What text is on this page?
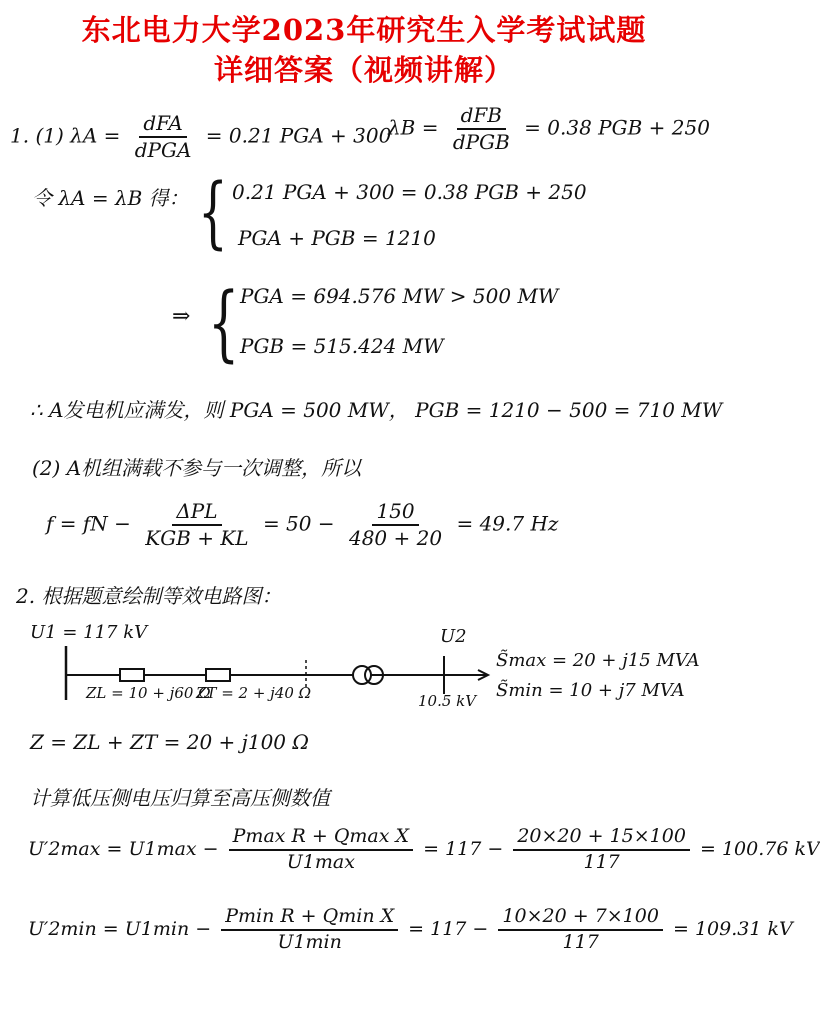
东北电力大学2023年研究生入学考试试题
详细答案（视频讲解）
1. (1) $\lambda A = \frac{\text{dFA}}{\text{dPGA}} = 0.21$ PGA + 300
$\lambda B = \frac{\text{dFB}}{\text{dPGB}} = 0.38$ PGB + 250
令 λA = λB 得： { 0.21 PGA + 300 = 0.38 PGB + 250
PGA + PGB = 1210
⇒ { PGA = 694.576 MW > 500 MW
PGB = 515.424 MW
∴ A发电机应满发，则 PGA = 500 MW， PGB = 1210 − 500 = 710 MW
(2) A机组满载不参与一次调整，所以
f = fN − $\frac{\text{ΔPL}}{\text{KGB + KL}} = 50 - \frac{150}{480 + 20} = 49.7$ Hz
2. 根据题意绘制等效电路图：
U1 = 117 kV	U2
ZL = 10 + j60 Ω
ZT = 2 + j40 Ω	10.5 kV
S̃max = 20 + j15 MVA
S̃min = 10 + j7 MVA
Z = ZL + ZT = 20 + j100 Ω
计算低压侧电压归算至高压侧数值
$U'2\max = U1\max - \frac{\text{Pmax R + Qmax X}}{U1\max} = 117 - \frac{20\times 20 + 15\times 100}{117} = 100.76$ kV
$U'2\min = U1\min - \frac{\text{Pmin R + Qmin X}}{U1\min} = 117 - \frac{10\times 20 + 7\times 100}{117} = 109.31$ kV
